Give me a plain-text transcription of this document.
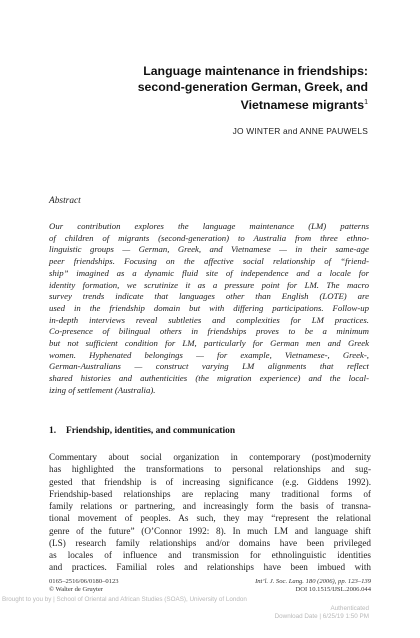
Language maintenance in friendships:
second-generation German, Greek, and
Vietnamese migrants$^1$
JO WINTER and ANNE PAUWELS
Abstract
Our contribution explores the language maintenance (LM) patterns
of children of migrants (second-generation) to Australia from three ethno-
linguistic groups — German, Greek, and Vietnamese — in their same-age
peer friendships. Focusing on the affective social relationship of “friend-
ship” imagined as a dynamic fluid site of independence and a locale for
identity formation, we scrutinize it as a pressure point for LM. The macro
survey trends indicate that languages other than English (LOTE) are
used in the friendship domain but with differing participations. Follow-up
in-depth interviews reveal subtleties and complexities for LM practices.
Co-presence of bilingual others in friendships proves to be a minimum
but not sufficient condition for LM, particularly for German men and Greek
women. Hyphenated belongings — for example, Vietnamese-, Greek-,
German-Australians — construct varying LM alignments that reflect
shared histories and authenticities (the migration experience) and the local-
izing of settlement (Australia).
1. Friendship, identities, and communication
Commentary about social organization in contemporary (post)modernity
has highlighted the transformations to personal relationships and sug-
gested that friendship is of increasing significance (e.g. Giddens 1992).
Friendship-based relationships are replacing many traditional forms of
family relations or partnering, and increasingly form the basis of transna-
tional movement of peoples. As such, they may “represent the relational
genre of the future” (O’Connor 1992: 8). In much LM and language shift
(LS) research family relationships and/or domains have been privileged
as locales of influence and transmission for ethnolinguistic identities
and practices. Familial roles and relationships have been imbued with
0165–2516/06/0180–0123	Int’l. J. Soc. Lang. 180 (2006), pp. 123–139
© Walter de Gruyter	DOI 10.1515/IJSL.2006.044
Brought to you by | School of Oriental and African Studies (SOAS), University of London
Authenticated
Download Date | 6/25/19 1:50 PM
